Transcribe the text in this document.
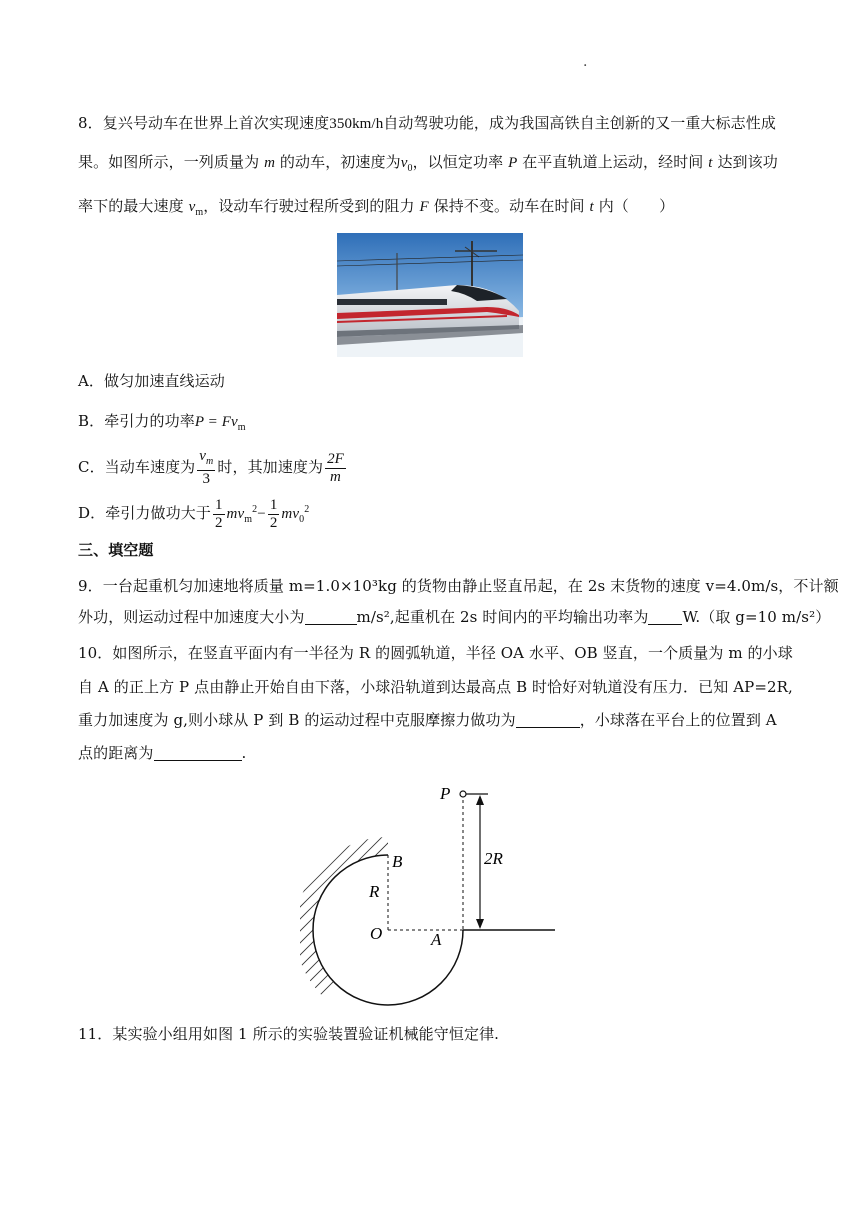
·
8．复兴号动车在世界上首次实现速度350km/h自动驾驶功能，成为我国高铁自主创新的又一重大标志性成
果。如图所示，一列质量为 m 的动车，初速度为$v_0$，以恒定功率 P 在平直轨道上运动，经时间 t 达到该功
率下的最大速度 $v_m$，设动车行驶过程所受到的阻力 F 保持不变。动车在时间 t 内（　　）
A．做匀加速直线运动
B．牵引力的功率$P = Fv_m$
C．当动车速度为 $\frac{v_m}{3}$ 时，其加速度为 $\frac{2F}{m}$
D．牵引力做功大于 $\frac{1}{2} mv_m^2- \frac{1}{2} mv_0^2$
三、填空题
9．一台起重机匀加速地将质量 m=1.0×10³kg 的货物由静止竖直吊起，在 2s 末货物的速度 v=4.0m/s，不计额
外功，则运动过程中加速度大小为	m/s²,起重机在 2s 时间内的平均输出功率为 W.（取 g=10 m/s²）
10．如图所示，在竖直平面内有一半径为 R 的圆弧轨道，半径 OA 水平、OB 竖直，一个质量为 m 的小球
自 A 的正上方 P 点由静止开始自由下落，小球沿轨道到达最高点 B 时恰好对轨道没有压力．已知 AP=2R,
重力加速度为 g,则小球从 P 到 B 的运动过程中克服摩擦力做功为	，小球落在平台上的位置到 A
点的距离为	.
P
B
R
O	A
2R
11．某实验小组用如图 1 所示的实验装置验证机械能守恒定律.
